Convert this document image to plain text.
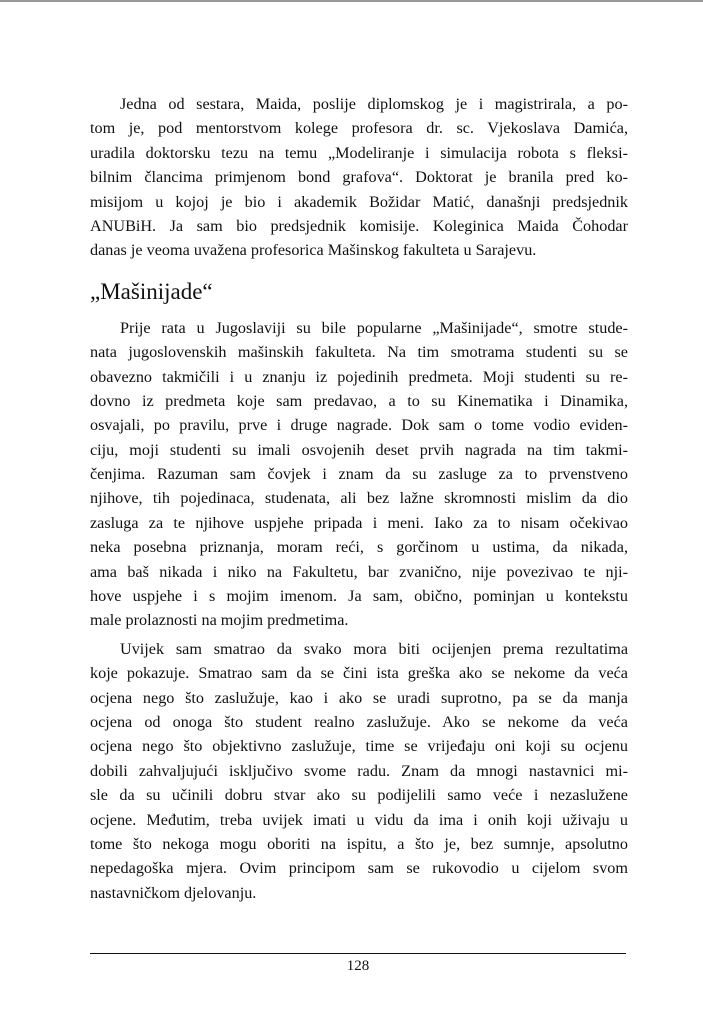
Jedna od sestara, Maida, poslije diplomskog je i magistrirala, a po-
tom je, pod mentorstvom kolege profesora dr. sc. Vjekoslava Damića,
uradila doktorsku tezu na temu „Modeliranje i simulacija robota s fleksi-
bilnim člancima primjenom bond grafova“. Doktorat je branila pred ko-
misijom u kojoj je bio i akademik Božidar Matić, današnji predsjednik
ANUBiH. Ja sam bio predsjednik komisije. Koleginica Maida Čohodar
danas je veoma uvažena profesorica Mašinskog fakulteta u Sarajevu.
„Mašinijade“
Prije rata u Jugoslaviji su bile popularne „Mašinijade“, smotre stude-
nata jugoslovenskih mašinskih fakulteta. Na tim smotrama studenti su se
obavezno takmičili i u znanju iz pojedinih predmeta. Moji studenti su re-
dovno iz predmeta koje sam predavao, a to su Kinematika i Dinamika,
osvajali, po pravilu, prve i druge nagrade. Dok sam o tome vodio eviden-
ciju, moji studenti su imali osvojenih deset prvih nagrada na tim takmi-
čenjima. Razuman sam čovjek i znam da su zasluge za to prvenstveno
njihove, tih pojedinaca, studenata, ali bez lažne skromnosti mislim da dio
zasluga za te njihove uspjehe pripada i meni. Iako za to nisam očekivao
neka posebna priznanja, moram reći, s gorčinom u ustima, da nikada,
ama baš nikada i niko na Fakultetu, bar zvanično, nije povezivao te nji-
hove uspjehe i s mojim imenom. Ja sam, obično, pominjan u kontekstu
male prolaznosti na mojim predmetima.
Uvijek sam smatrao da svako mora biti ocijenjen prema rezultatima
koje pokazuje. Smatrao sam da se čini ista greška ako se nekome da veća
ocjena nego što zaslužuje, kao i ako se uradi suprotno, pa se da manja
ocjena od onoga što student realno zaslužuje. Ako se nekome da veća
ocjena nego što objektivno zaslužuje, time se vrijeđaju oni koji su ocjenu
dobili zahvaljujući isključivo svome radu. Znam da mnogi nastavnici mi-
sle da su učinili dobru stvar ako su podijelili samo veće i nezaslužene
ocjene. Međutim, treba uvijek imati u vidu da ima i onih koji uživaju u
tome što nekoga mogu oboriti na ispitu, a što je, bez sumnje, apsolutno
nepedagoška mjera. Ovim principom sam se rukovodio u cijelom svom
nastavničkom djelovanju.
128
